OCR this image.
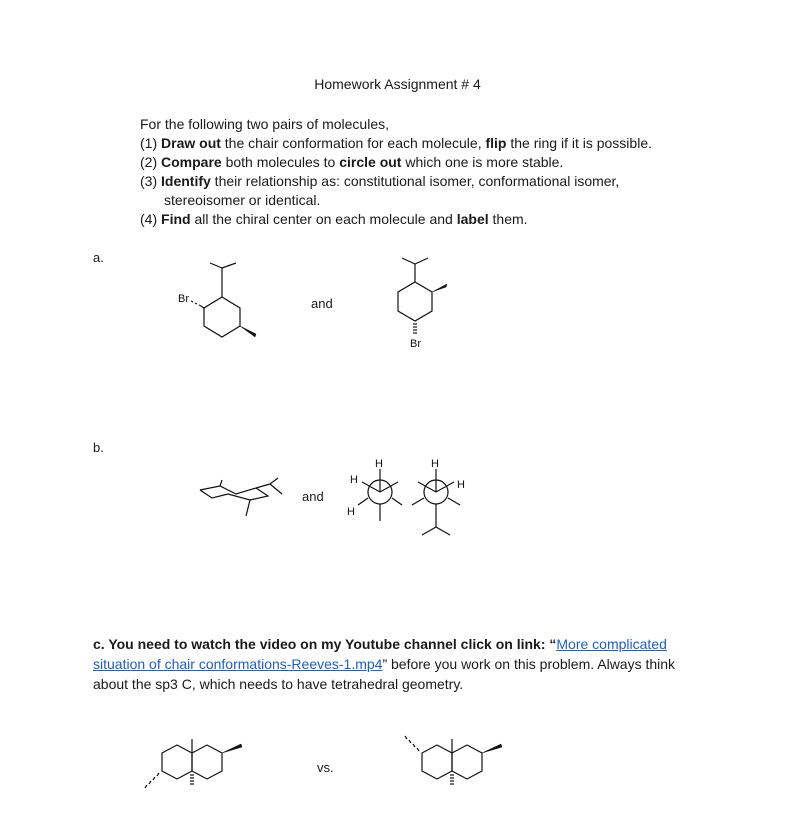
Homework Assignment # 4
For the following two pairs of molecules,
(1) Draw out the chair conformation for each molecule, flip the ring if it is possible.
(2) Compare both molecules to circle out which one is more stable.
(3) Identify their relationship as: constitutional isomer, conformational isomer,
stereoisomer or identical.
(4) Find all the chiral center on each molecule and label them.
a.
and
Br
Br
b.
and
H	H
H
H
H
c. You need to watch the video on my Youtube channel click on link: “More complicated situation of chair conformations-Reeves-1.mp4” before you work on this problem. Always think about the sp3 C, which needs to have tetrahedral geometry.
vs.
